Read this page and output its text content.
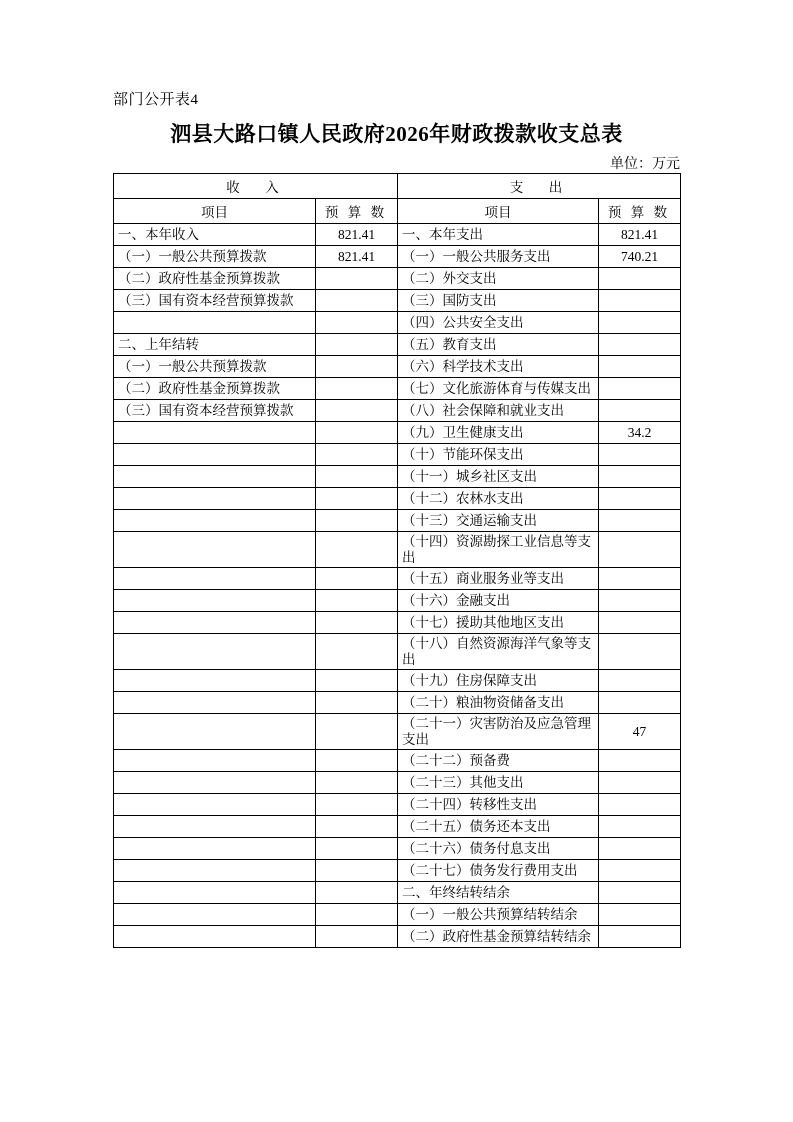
部门公开表4
泗县大路口镇人民政府2026年财政拨款收支总表
单位：万元
收　入		支　出	
项目	预 算 数	项目	预 算 数
一、本年收入	821.41	一、本年支出	821.41
（一）一般公共预算拨款	821.41	（一）一般公共服务支出	740.21
（二）政府性基金预算拨款		（二）外交支出	
（三）国有资本经营预算拨款		（三）国防支出	
		（四）公共安全支出	
二、上年结转		（五）教育支出	
（一）一般公共预算拨款		（六）科学技术支出	
（二）政府性基金预算拨款		（七）文化旅游体育与传媒支出	
（三）国有资本经营预算拨款		（八）社会保障和就业支出	
		（九）卫生健康支出	34.2
		（十）节能环保支出	
		（十一）城乡社区支出	
		（十二）农林水支出	
		（十三）交通运输支出	
		（十四）资源勘探工业信息等支出	
		（十五）商业服务业等支出	
		（十六）金融支出	
		（十七）援助其他地区支出	
		（十八）自然资源海洋气象等支出	
		（十九）住房保障支出	
		（二十）粮油物资储备支出	
		（二十一）灾害防治及应急管理支出	47
		（二十二）预备费	
		（二十三）其他支出	
		（二十四）转移性支出	
		（二十五）债务还本支出	
		（二十六）债务付息支出	
		（二十七）债务发行费用支出	
		二、年终结转结余	
		（一）一般公共预算结转结余	
		（二）政府性基金预算结转结余	
